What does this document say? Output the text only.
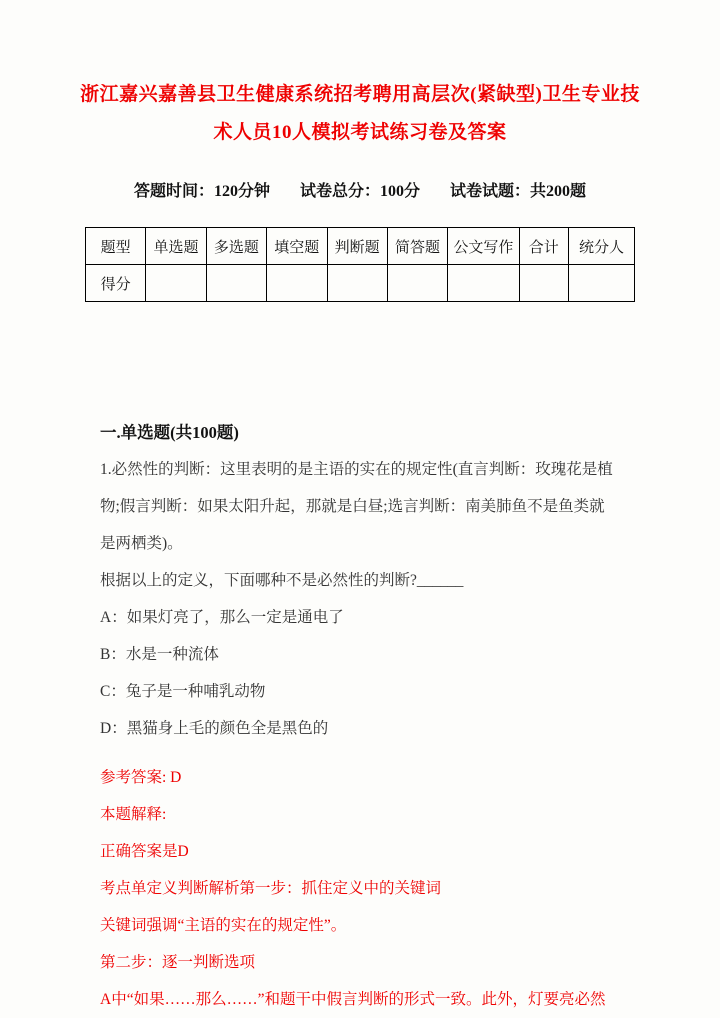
浙江嘉兴嘉善县卫生健康系统招考聘用高层次(紧缺型)卫生专业技术人员10人模拟考试练习卷及答案

答题时间：120分钟 试卷总分：100分 试卷试题：共200题

题型	单选题	多选题	填空题	判断题	简答题	公文写作	合计	统分人
得分								
一.单选题(共100题)

1.必然性的判断：这里表明的是主语的实在的规定性(直言判断：玫瑰花是植物;假言判断：如果太阳升起，那就是白昼;选言判断：南美肺鱼不是鱼类就是两栖类)。

根据以上的定义，下面哪种不是必然性的判断?______

A：如果灯亮了，那么一定是通电了

B：水是一种流体

C：兔子是一种哺乳动物

D：黑猫身上毛的颜色全是黑色的

参考答案: D

本题解释:

正确答案是D

考点单定义判断解析第一步：抓住定义中的关键词

关键词强调“主语的实在的规定性”。

第二步：逐一判断选项

A中“如果……那么……”和题干中假言判断的形式一致。此外，灯要亮必然
